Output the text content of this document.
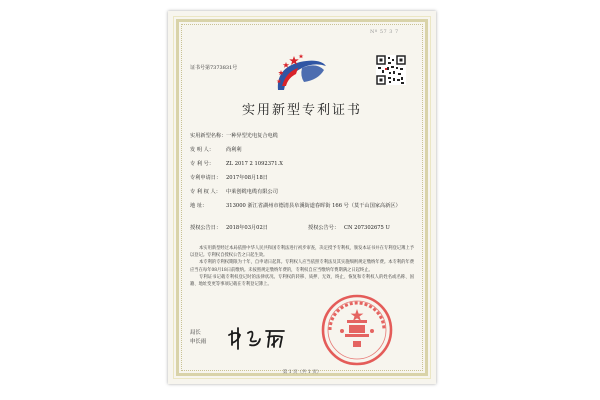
Nº 57 3 7
证书号第7373831号
实用新型专利证书
实用新型名称：一种异型光电复合电缆
发 明 人： 尚利利
专 利 号： ZL 2017 2 1092371.X
专利申请日： 2017年08月18日
专 利 权 人： 中莱创缆电缆有限公司
地 址：	313000 浙江省湖州市德清县阜溪街道春晖街 166 号（莫干山国家高新区）
授权公告日： 2018年03月02日	授权公告号： CN 207302675 U
本实用新型经过本局依照中华人民共和国专利法进行初步审查，决定授予专利权，颁发本证书并在专利登记簿上予以登记。专利权自授权公告之日起生效。
本专利的专利权期限为十年，自申请日起算。专利权人应当依照专利法及其实施细则规定缴纳年费。本专利的年费应当在每年08月18日前缴纳。未按照规定缴纳年费的，专利权自应当缴纳年费期满之日起终止。
专利证书记载专利权登记时的法律状况。专利权的转移、质押、无效、终止、恢复和专利权人的姓名或名称、国籍、地址变更等事项记载在专利登记簿上。
局长
申长雨
第 1 页（共 1 页）
